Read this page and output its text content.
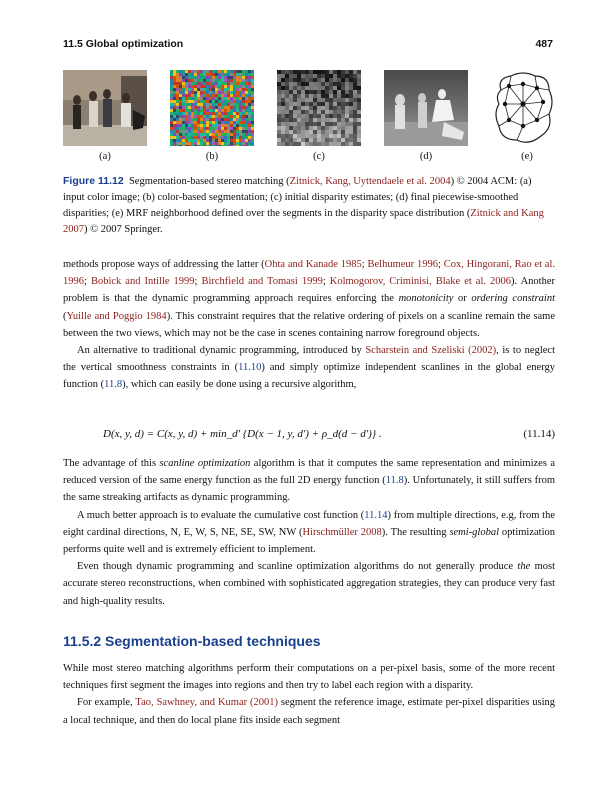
11.5 Global optimization	487
(a)	(b)	(c)	(d)	(e)
Figure 11.12 Segmentation-based stereo matching (Zitnick, Kang, Uyttendaele et al. 2004) © 2004 ACM: (a) input color image; (b) color-based segmentation; (c) initial disparity estimates; (d) final piecewise-smoothed disparities; (e) MRF neighborhood defined over the segments in the disparity space distribution (Zitnick and Kang 2007) © 2007 Springer.

methods propose ways of addressing the latter (Ohta and Kanade 1985; Belhumeur 1996; Cox, Hingorani, Rao et al. 1996; Bobick and Intille 1999; Birchfield and Tomasi 1999; Kolmogorov, Criminisi, Blake et al. 2006). Another problem is that the dynamic programming approach requires enforcing the monotonicity or ordering constraint (Yuille and Poggio 1984). This constraint requires that the relative ordering of pixels on a scanline remain the same between the two views, which may not be the case in scenes containing narrow foreground objects.

An alternative to traditional dynamic programming, introduced by Scharstein and Szeliski (2002), is to neglect the vertical smoothness constraints in (11.10) and simply optimize independent scanlines in the global energy function (11.8), which can easily be done using a recursive algorithm,

D(x, y, d) = C(x, y, d) + min_d′ {D(x − 1, y, d′) + ρ_d(d − d′)} .	(11.14)

The advantage of this scanline optimization algorithm is that it computes the same representation and minimizes a reduced version of the same energy function as the full 2D energy function (11.8). Unfortunately, it still suffers from the same streaking artifacts as dynamic programming.

A much better approach is to evaluate the cumulative cost function (11.14) from multiple directions, e.g, from the eight cardinal directions, N, E, W, S, NE, SE, SW, NW (Hirschmüller 2008). The resulting semi-global optimization performs quite well and is extremely efficient to implement.

Even though dynamic programming and scanline optimization algorithms do not generally produce the most accurate stereo reconstructions, when combined with sophisticated aggregation strategies, they can produce very fast and high-quality results.

11.5.2 Segmentation-based techniques

While most stereo matching algorithms perform their computations on a per-pixel basis, some of the more recent techniques first segment the images into regions and then try to label each region with a disparity.

For example, Tao, Sawhney, and Kumar (2001) segment the reference image, estimate per-pixel disparities using a local technique, and then do local plane fits inside each segment
